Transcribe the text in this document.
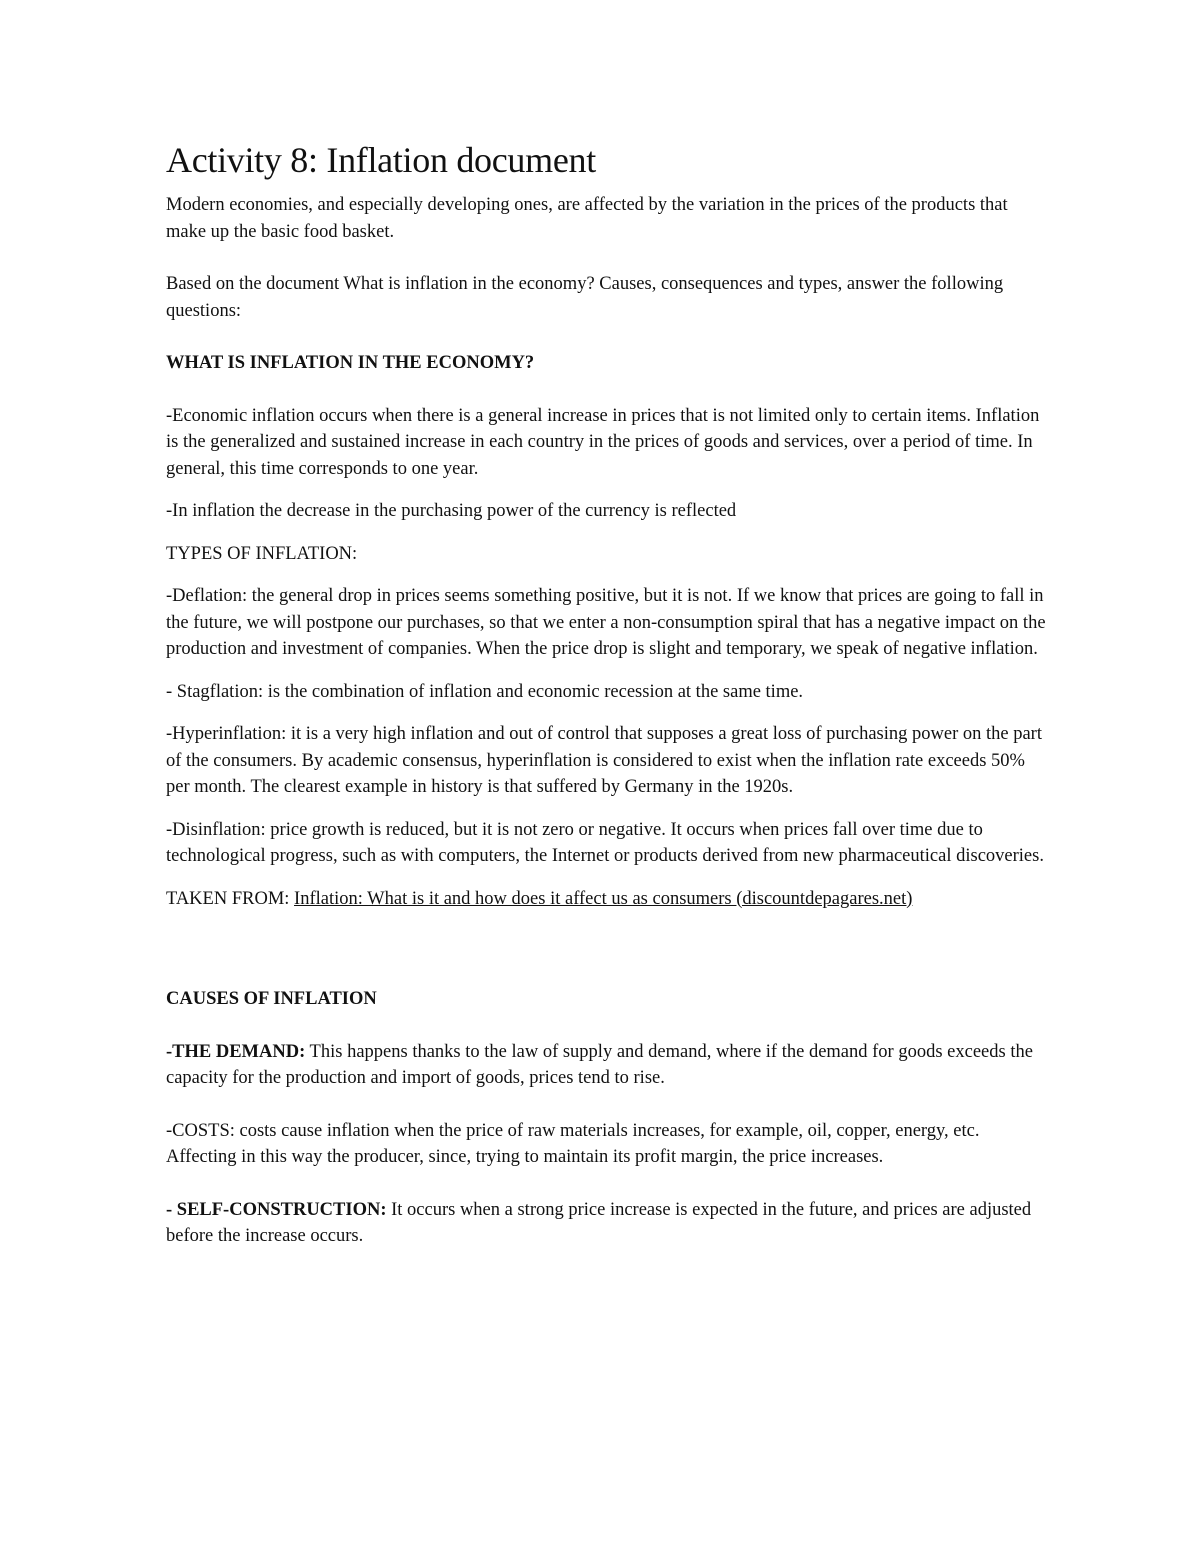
Activity 8: Inflation document

Modern economies, and especially developing ones, are affected by the variation in the prices of the products that make up the basic food basket.

Based on the document What is inflation in the economy? Causes, consequences and types, answer the following questions:

WHAT IS INFLATION IN THE ECONOMY?

-Economic inflation occurs when there is a general increase in prices that is not limited only to certain items. Inflation is the generalized and sustained increase in each country in the prices of goods and services, over a period of time. In general, this time corresponds to one year.

-In inflation the decrease in the purchasing power of the currency is reflected

TYPES OF INFLATION:

-Deflation: the general drop in prices seems something positive, but it is not. If we know that prices are going to fall in the future, we will postpone our purchases, so that we enter a non-consumption spiral that has a negative impact on the production and investment of companies. When the price drop is slight and temporary, we speak of negative inflation.

- Stagflation: is the combination of inflation and economic recession at the same time.

-Hyperinflation: it is a very high inflation and out of control that supposes a great loss of purchasing power on the part of the consumers. By academic consensus, hyperinflation is considered to exist when the inflation rate exceeds 50% per month. The clearest example in history is that suffered by Germany in the 1920s.

-Disinflation: price growth is reduced, but it is not zero or negative. It occurs when prices fall over time due to technological progress, such as with computers, the Internet or products derived from new pharmaceutical discoveries.

TAKEN FROM: Inflation: What is it and how does it affect us as consumers (discountdepagares.net)

CAUSES OF INFLATION

-THE DEMAND: This happens thanks to the law of supply and demand, where if the demand for goods exceeds the capacity for the production and import of goods, prices tend to rise.

-COSTS: costs cause inflation when the price of raw materials increases, for example, oil, copper, energy, etc. Affecting in this way the producer, since, trying to maintain its profit margin, the price increases.

- SELF-CONSTRUCTION: It occurs when a strong price increase is expected in the future, and prices are adjusted before the increase occurs.
